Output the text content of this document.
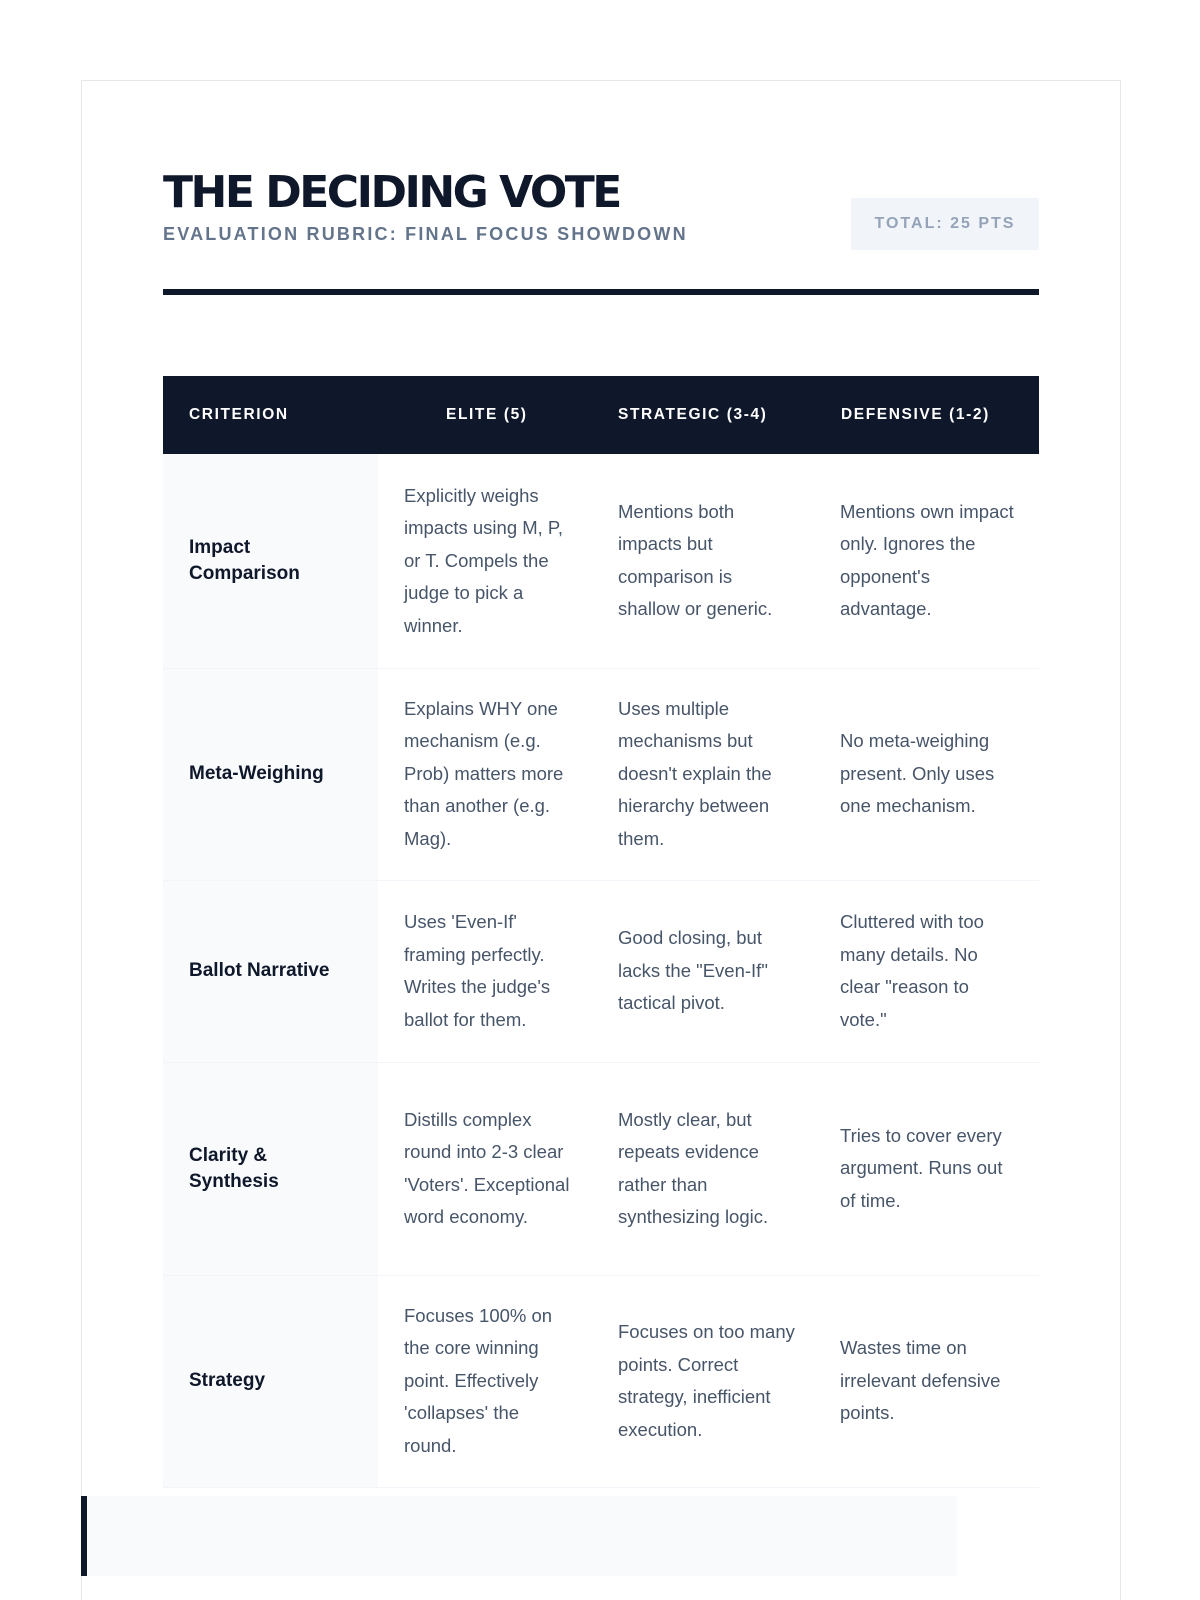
THE DECIDING VOTE
EVALUATION RUBRIC: FINAL FOCUS SHOWDOWN
TOTAL: 25 PTS
CRITERION	ELITE (5)	STRATEGIC (3-4)	DEFENSIVE (1-2)
Impact Comparison	Explicitly weighs impacts using M, P, or T. Compels the judge to pick a winner.	Mentions both impacts but comparison is shallow or generic.	Mentions own impact only. Ignores the opponent's advantage.
Meta-Weighing	Explains WHY one mechanism (e.g. Prob) matters more than another (e.g. Mag).	Uses multiple mechanisms but doesn't explain the hierarchy between them.	No meta-weighing present. Only uses one mechanism.
Ballot Narrative	Uses 'Even-If' framing perfectly. Writes the judge's ballot for them.	Good closing, but lacks the "Even-If" tactical pivot.	Cluttered with too many details. No clear "reason to vote."
Clarity & Synthesis	Distills complex round into 2-3 clear 'Voters'. Exceptional word economy.	Mostly clear, but repeats evidence rather than synthesizing logic.	Tries to cover every argument. Runs out of time.
Strategy	Focuses 100% on the core winning point. Effectively 'collapses' the round.	Focuses on too many points. Correct strategy, inefficient execution.	Wastes time on irrelevant defensive points.
